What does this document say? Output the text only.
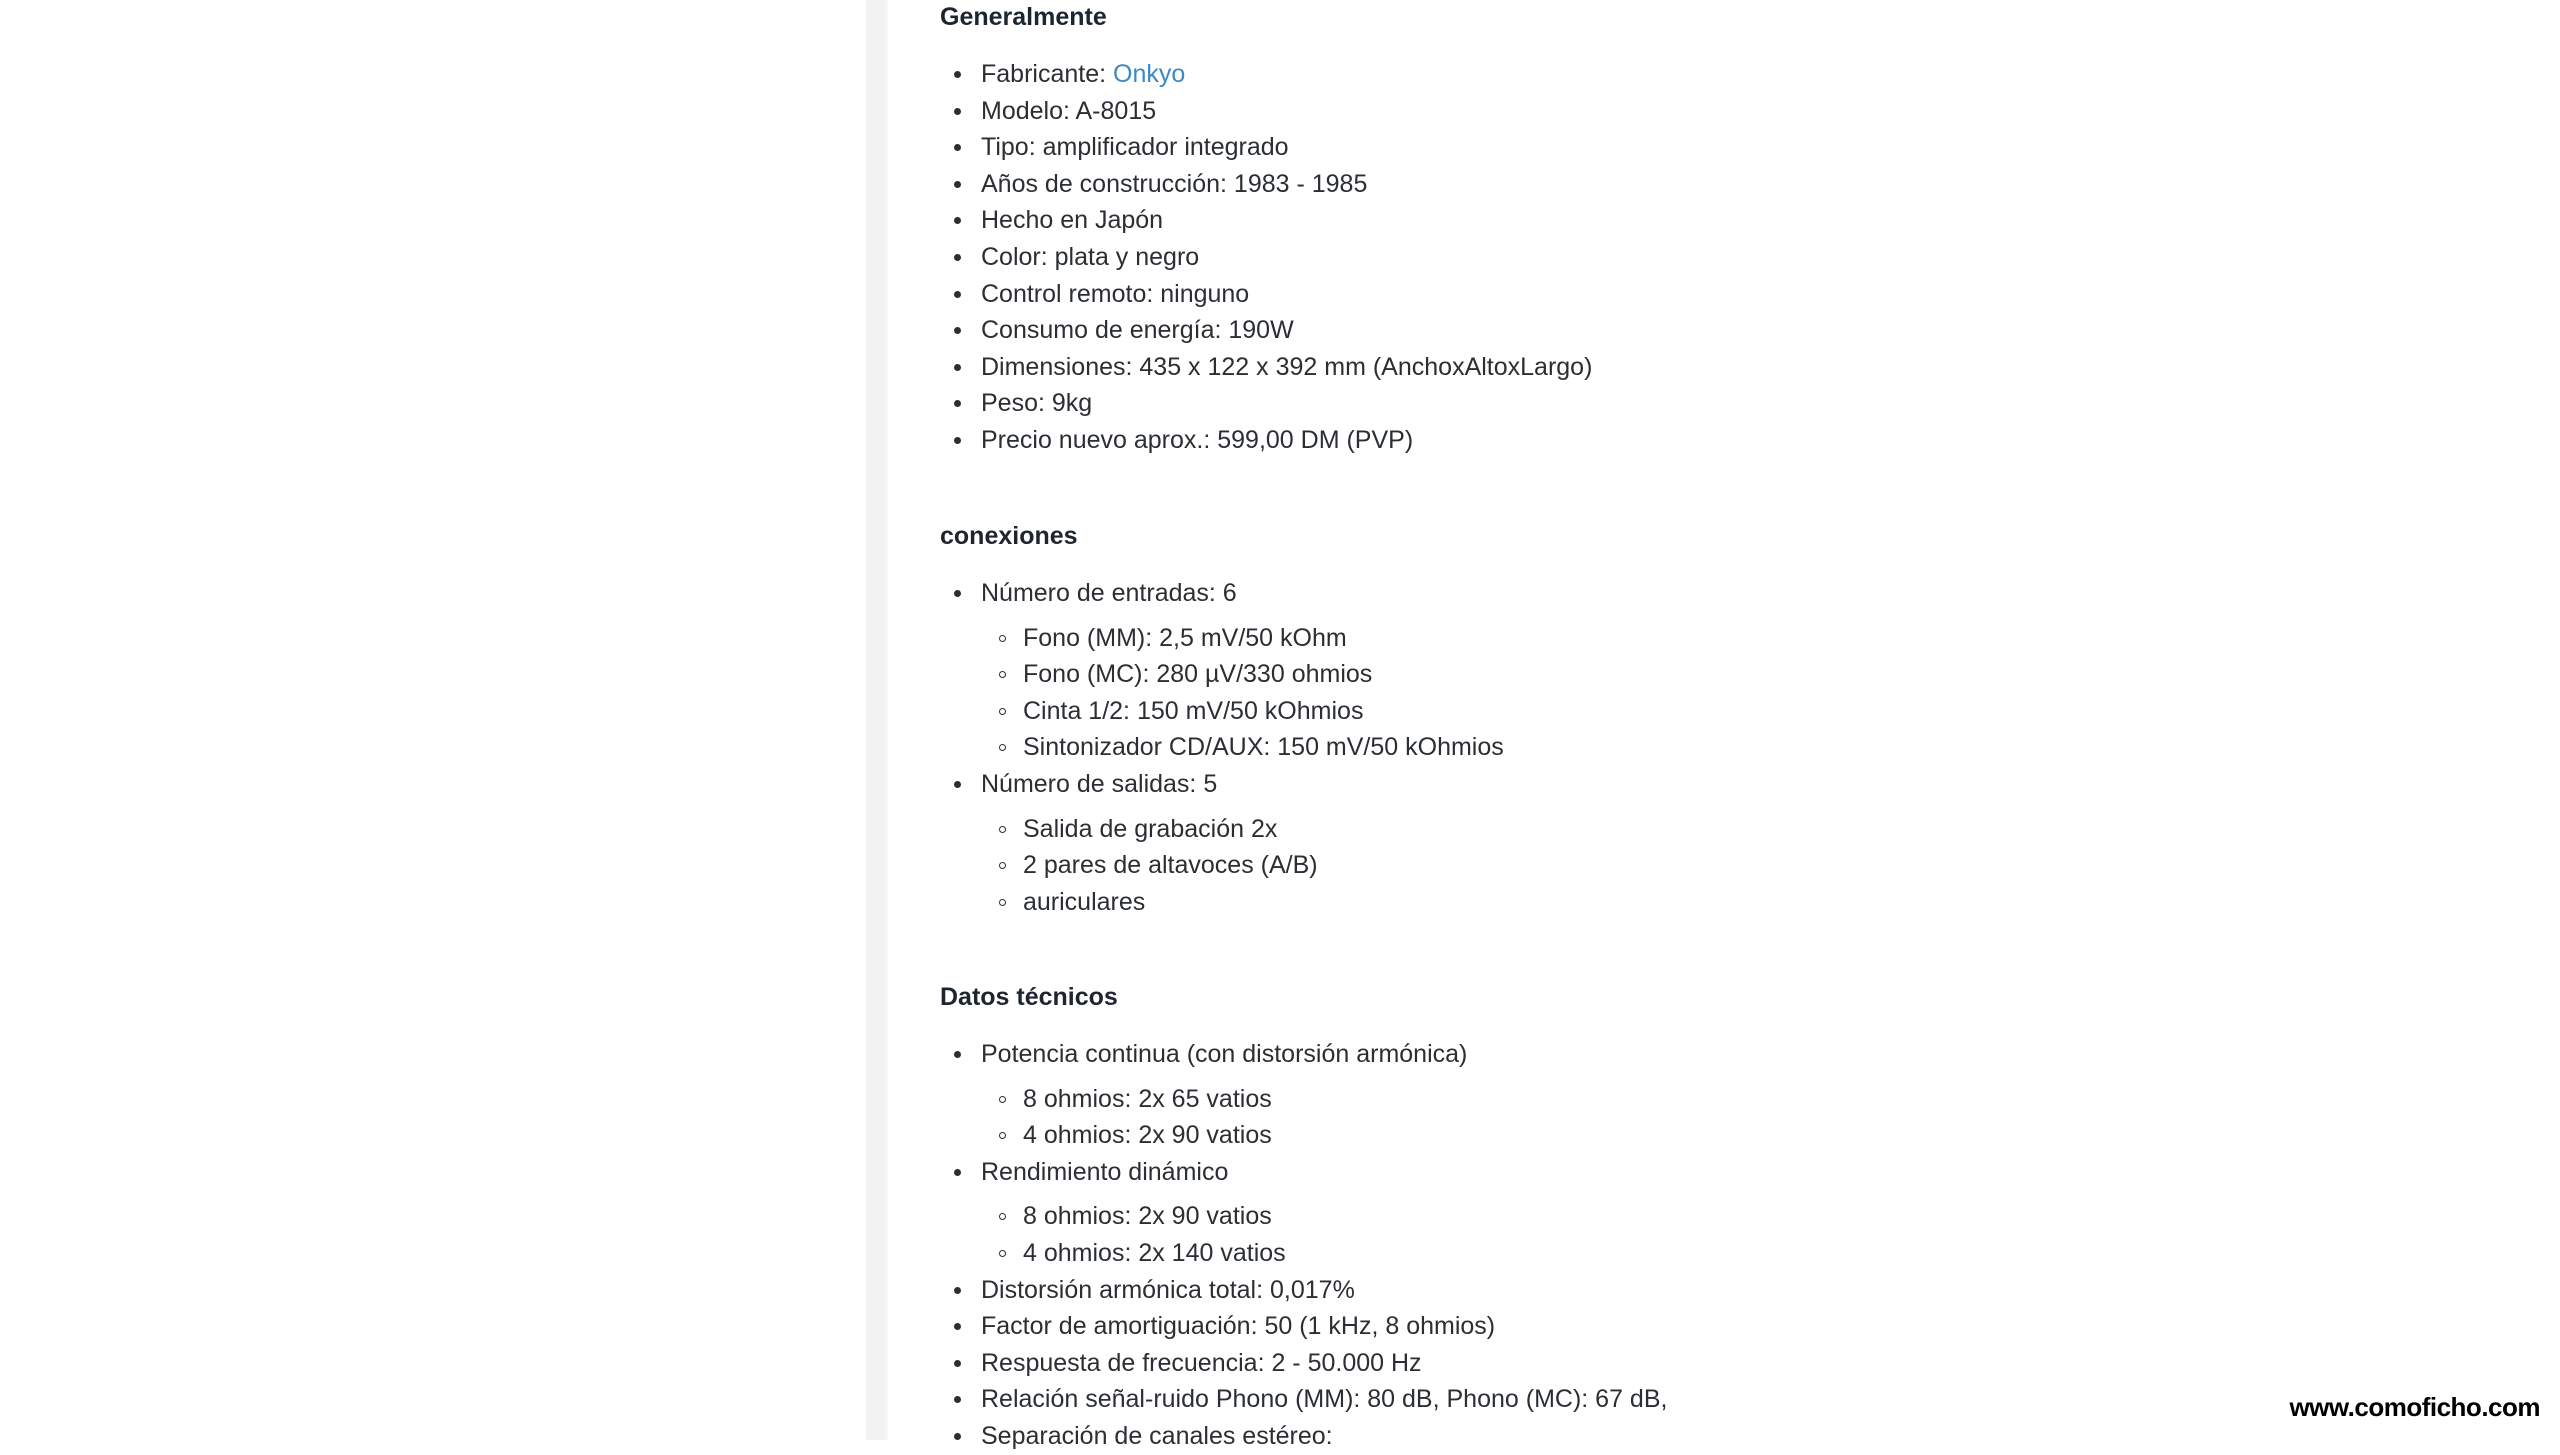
Generalmente
Fabricante: Onkyo
Modelo: A-8015
Tipo: amplificador integrado
Años de construcción: 1983 - 1985
Hecho en Japón
Color: plata y negro
Control remoto: ninguno
Consumo de energía: 190W
Dimensiones: 435 x 122 x 392 mm (AnchoxAltoxLargo)
Peso: 9kg
Precio nuevo aprox.: 599,00 DM (PVP)
conexiones
Número de entradas: 6
Fono (MM): 2,5 mV/50 kOhm
Fono (MC): 280 µV/330 ohmios
Cinta 1/2: 150 mV/50 kOhmios
Sintonizador CD/AUX: 150 mV/50 kOhmios
Número de salidas: 5
Salida de grabación 2x
2 pares de altavoces (A/B)
auriculares
Datos técnicos
Potencia continua (con distorsión armónica)
8 ohmios: 2x 65 vatios
4 ohmios: 2x 90 vatios
Rendimiento dinámico
8 ohmios: 2x 90 vatios
4 ohmios: 2x 140 vatios
Distorsión armónica total: 0,017%
Factor de amortiguación: 50 (1 kHz, 8 ohmios)
Respuesta de frecuencia: 2 - 50.000 Hz
Relación señal-ruido Phono (MM): 80 dB, Phono (MC): 67 dB,
Separación de canales estéreo:
www.comoficho.com
